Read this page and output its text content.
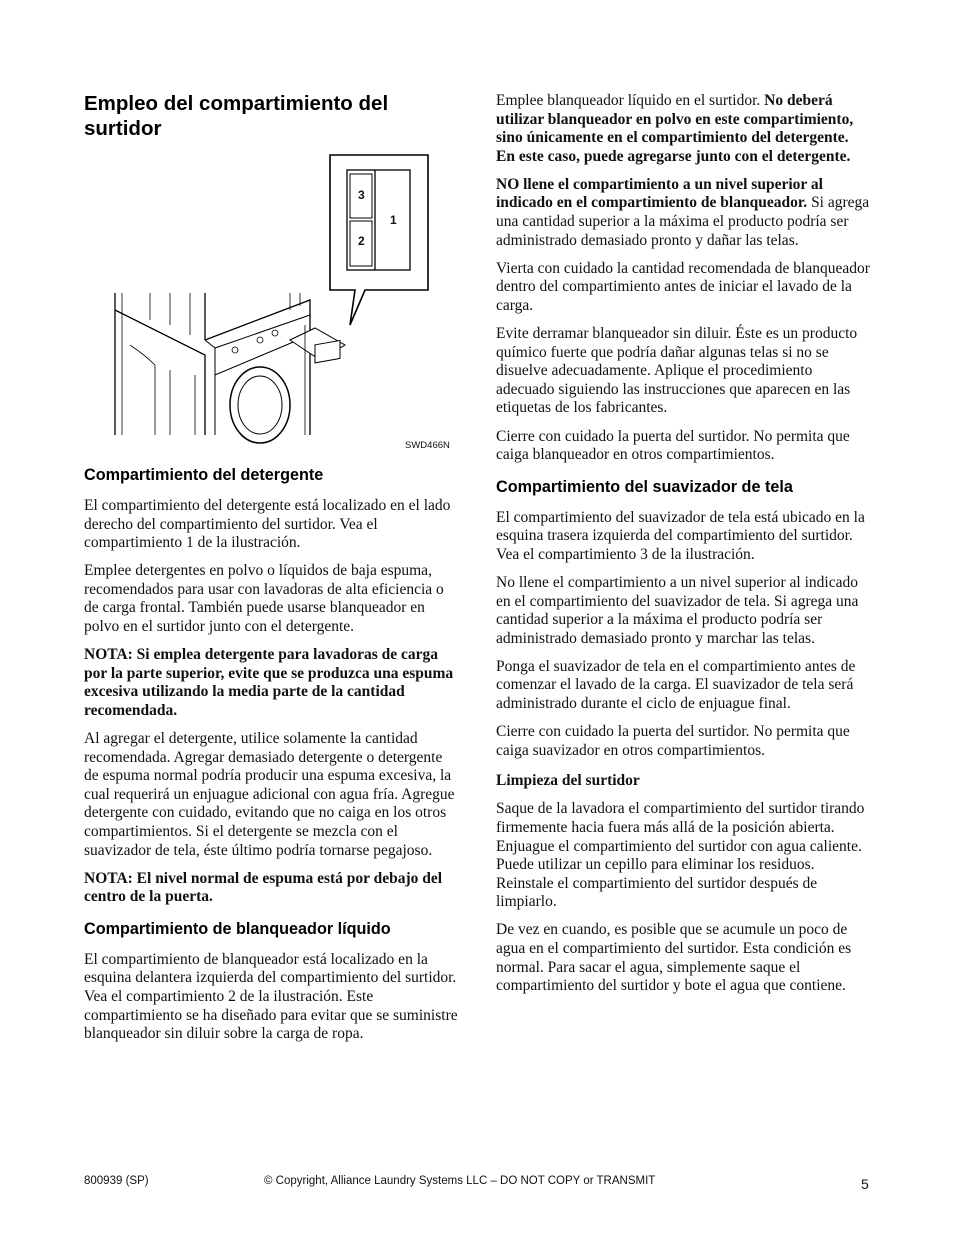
Empleo del compartimiento del surtidor
3
2
1
SWD466N
Compartimiento del detergente

El compartimiento del detergente está localizado en el lado derecho del compartimiento del surtidor. Vea el compartimiento 1 de la ilustración.

Emplee detergentes en polvo o líquidos de baja espuma, recomendados para usar con lavadoras de alta eficiencia o de carga frontal. También puede usarse blanqueador en polvo en el surtidor junto con el detergente.

NOTA: Si emplea detergente para lavadoras de carga por la parte superior, evite que se produzca una espuma excesiva utilizando la media parte de la cantidad recomendada.

Al agregar el detergente, utilice solamente la cantidad recomendada. Agregar demasiado detergente o detergente de espuma normal podría producir una espuma excesiva, la cual requerirá un enjuague adicional con agua fría. Agregue detergente con cuidado, evitando que no caiga en los otros compartimientos. Si el detergente se mezcla con el suavizador de tela, éste último podría tornarse pegajoso.

NOTA: El nivel normal de espuma está por debajo del centro de la puerta.

Compartimiento de blanqueador líquido

El compartimiento de blanqueador está localizado en la esquina delantera izquierda del compartimiento del surtidor. Vea el compartimiento 2 de la ilustración. Este compartimiento se ha diseñado para evitar que se suministre blanqueador sin diluir sobre la carga de ropa.

Emplee blanqueador líquido en el surtidor. No deberá utilizar blanqueador en polvo en este compartimiento, sino únicamente en el compartimiento del detergente. En este caso, puede agregarse junto con el detergente.

NO llene el compartimiento a un nivel superior al indicado en el compartimiento de blanqueador. Si agrega una cantidad superior a la máxima el producto podría ser administrado demasiado pronto y dañar las telas.

Vierta con cuidado la cantidad recomendada de blanqueador dentro del compartimiento antes de iniciar el lavado de la carga.

Evite derramar blanqueador sin diluir. Éste es un producto químico fuerte que podría dañar algunas telas si no se disuelve adecuadamente. Aplique el procedimiento adecuado siguiendo las instrucciones que aparecen en las etiquetas de los fabricantes.

Cierre con cuidado la puerta del surtidor. No permita que caiga blanqueador en otros compartimientos.

Compartimiento del suavizador de tela

El compartimiento del suavizador de tela está ubicado en la esquina trasera izquierda del compartimiento del surtidor. Vea el compartimiento 3 de la ilustración.

No llene el compartimiento a un nivel superior al indicado en el compartimiento del suavizador de tela. Si agrega una cantidad superior a la máxima el producto podría ser administrado demasiado pronto y marchar las telas.

Ponga el suavizador de tela en el compartimiento antes de comenzar el lavado de la carga. El suavizador de tela será administrado durante el ciclo de enjuague final.

Cierre con cuidado la puerta del surtidor. No permita que caiga suavizador en otros compartimientos.

Limpieza del surtidor

Saque de la lavadora el compartimiento del surtidor tirando firmemente hacia fuera más allá de la posición abierta. Enjuague el compartimiento del surtidor con agua caliente. Puede utilizar un cepillo para eliminar los residuos. Reinstale el compartimiento del surtidor después de limpiarlo.

De vez en cuando, es posible que se acumule un poco de agua en el compartimiento del surtidor. Esta condición es normal. Para sacar el agua, simplemente saque el compartimiento del surtidor y bote el agua que contiene.

800939 (SP)	© Copyright, Alliance Laundry Systems LLC – DO NOT COPY or TRANSMIT	5
